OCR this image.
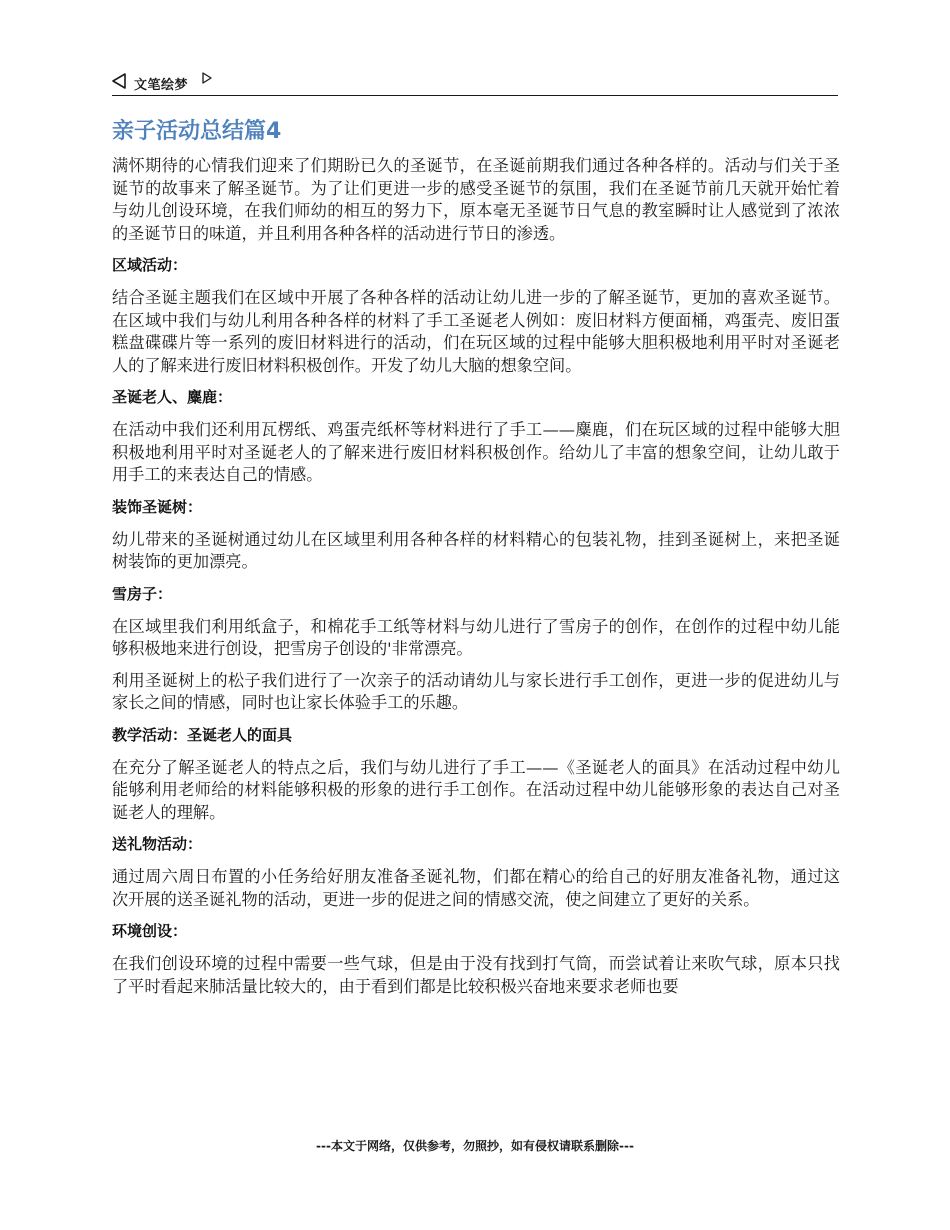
文笔绘梦
亲子活动总结篇4

满怀期待的心情我们迎来了们期盼已久的圣诞节，在圣诞前期我们通过各种各样的。活动与们关于圣诞节的故事来了解圣诞节。为了让们更进一步的感受圣诞节的氛围，我们在圣诞节前几天就开始忙着与幼儿创设环境，在我们师幼的相互的努力下，原本毫无圣诞节日气息的教室瞬时让人感觉到了浓浓的圣诞节日的味道，并且利用各种各样的活动进行节日的渗透。

区域活动：

结合圣诞主题我们在区域中开展了各种各样的活动让幼儿进一步的了解圣诞节，更加的喜欢圣诞节。在区域中我们与幼儿利用各种各样的材料了手工圣诞老人例如：废旧材料方便面桶，鸡蛋壳、废旧蛋糕盘碟碟片等一系列的废旧材料进行的活动，们在玩区域的过程中能够大胆积极地利用平时对圣诞老人的了解来进行废旧材料积极创作。开发了幼儿大脑的想象空间。

圣诞老人、麋鹿：

在活动中我们还利用瓦楞纸、鸡蛋壳纸杯等材料进行了手工——麋鹿，们在玩区域的过程中能够大胆积极地利用平时对圣诞老人的了解来进行废旧材料积极创作。给幼儿了丰富的想象空间，让幼儿敢于用手工的来表达自己的情感。

装饰圣诞树：

幼儿带来的圣诞树通过幼儿在区域里利用各种各样的材料精心的包装礼物，挂到圣诞树上，来把圣诞树装饰的更加漂亮。

雪房子：

在区域里我们利用纸盒子，和棉花手工纸等材料与幼儿进行了雪房子的创作，在创作的过程中幼儿能够积极地来进行创设，把雪房子创设的'非常漂亮。

利用圣诞树上的松子我们进行了一次亲子的活动请幼儿与家长进行手工创作，更进一步的促进幼儿与家长之间的情感，同时也让家长体验手工的乐趣。

教学活动：圣诞老人的面具

在充分了解圣诞老人的特点之后，我们与幼儿进行了手工——《圣诞老人的面具》在活动过程中幼儿能够利用老师给的材料能够积极的形象的进行手工创作。在活动过程中幼儿能够形象的表达自己对圣诞老人的理解。

送礼物活动：

通过周六周日布置的小任务给好朋友准备圣诞礼物，们都在精心的给自己的好朋友准备礼物，通过这次开展的送圣诞礼物的活动，更进一步的促进之间的情感交流，使之间建立了更好的关系。

环境创设：

在我们创设环境的过程中需要一些气球，但是由于没有找到打气筒，而尝试着让来吹气球，原本只找了平时看起来肺活量比较大的，由于看到们都是比较积极兴奋地来要求老师也要

---本文于网络，仅供参考，勿照抄，如有侵权请联系删除---
